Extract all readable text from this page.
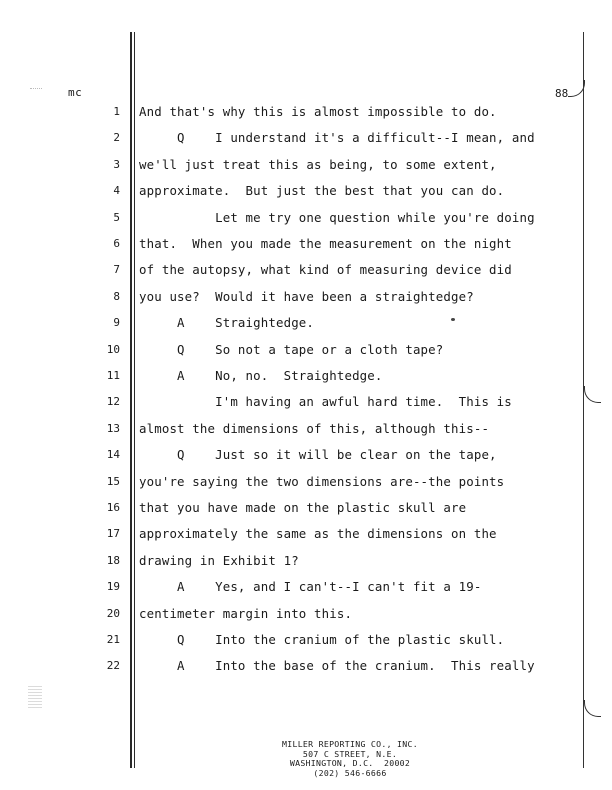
mc	88
1 And that's why this is almost impossible to do.
2 Q    I understand it's a difficult--I mean, and
3 we'll just treat this as being, to some extent,
4 approximate.  But just the best that you can do.
5 Let me try one question while you're doing
6 that.  When you made the measurement on the night
7 of the autopsy, what kind of measuring device did
8 you use?  Would it have been a straightedge?
9 A    Straightedge.
10 Q    So not a tape or a cloth tape?
11 A    No, no.  Straightedge.
12 I'm having an awful hard time.  This is
13 almost the dimensions of this, although this--
14 Q    Just so it will be clear on the tape,
15 you're saying the two dimensions are--the points
16 that you have made on the plastic skull are
17 approximately the same as the dimensions on the
18 drawing in Exhibit 1?
19 A    Yes, and I can't--I can't fit a 19-
20 centimeter margin into this.
21 Q    Into the cranium of the plastic skull.
22 A    Into the base of the cranium.  This really
MILLER REPORTING CO., INC.
507 C STREET, N.E.
WASHINGTON, D.C.  20002
(202) 546-6666
